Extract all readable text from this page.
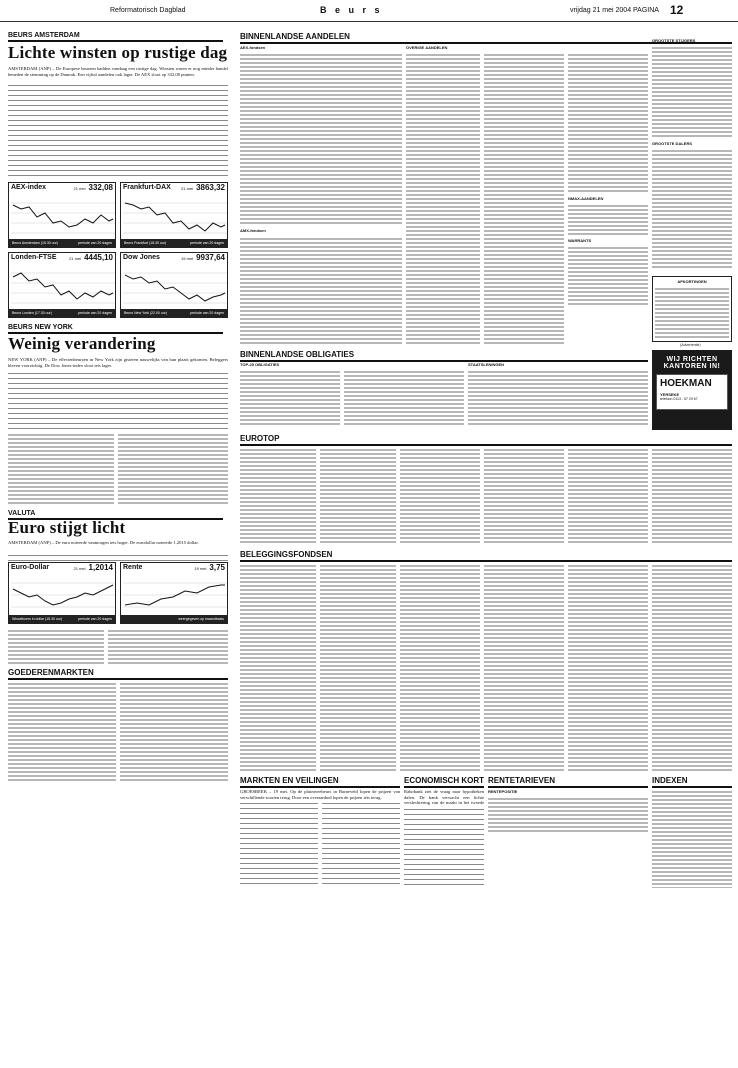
Reformatorisch Dagblad	B e u r s	vrijdag 21 mei 2004 PAGINA 12
BEURS AMSTERDAM
Lichte winsten op rustige dag
AMSTERDAM (ANP) – De Europese beurzen hadden vandaag een rustige dag. Winsten waren er nog minder handel beneden de stemming op de Damrak. Een vijftal aandelen ook lager. De AEX sloot op 332,08 punten.
AEX-index	21 mei 332,08
Beurs Amsterdam (15.30 uur)	periode van 20 dagen
Frankfurt-DAX	21 mei 3863,32
Beurs Frankfurt (18.30 uur)	periode van 20 dagen
Londen-FTSE	21 mei 4445,10
Beurs Londen (17.30 uur)	periode van 20 dagen
Dow Jones	19 mei 9937,64
Beurs New York (22.00 uur)	periode van 20 dagen
BEURS NEW YORK
Weinig verandering
NEW YORK (ANP) – De effectenbeurzen in New York zijn gisteren nauwelijks van hun plaats gekomen. Beleggers bleven voorzichtig. De Dow Jones-index sloot iets lager.
VALUTA
Euro stijgt licht
AMSTERDAM (ANP) – De euro noteerde vanmorgen iets hoger. De eurodollar noteerde 1,2015 dollar.
Euro-Dollar	21 mei 1,2014
Wisselkoers in dollar (15.30 uur)	periode van 20 dagen
Rente	19 mei 3,75
weergegeven op maandbasis
GOEDERENMARKTEN
BINNENLANDSE AANDELEN
AEX-fondsen
AMX-fondsen
OVERIGE AANDELEN
NMAX-AANDELEN
WARRANTS
GROOTSTE STIJGERS
GROOTSTE DALERS
AFKORTINGEN
BINNENLANDSE OBLIGATIES
TOP-25 OBLIGATIES	STAATSLENINGEN
(Advertentie)
WIJ RICHTEN KANTOREN IN!
HOEKMAN
YERSEKE
telefoon 0113 - 57 29 67
EUROTOP
BELEGGINGSFONDSEN
MARKTEN EN VEILINGEN
GROESBEEK – 19 mei. Op de pluimveebeurs in Barneveld lopen de prijzen van verschillende soorten terug. Door een overaanbod lopen de prijzen iets terug.
ECONOMISCH KORT
Rabobank ziet de vraag naar hypotheken dalen. De bank verwacht een lichte verslechtering van de markt in het tweede
RENTETARIEVEN
RENTEPOSITIE
INDEXEN
